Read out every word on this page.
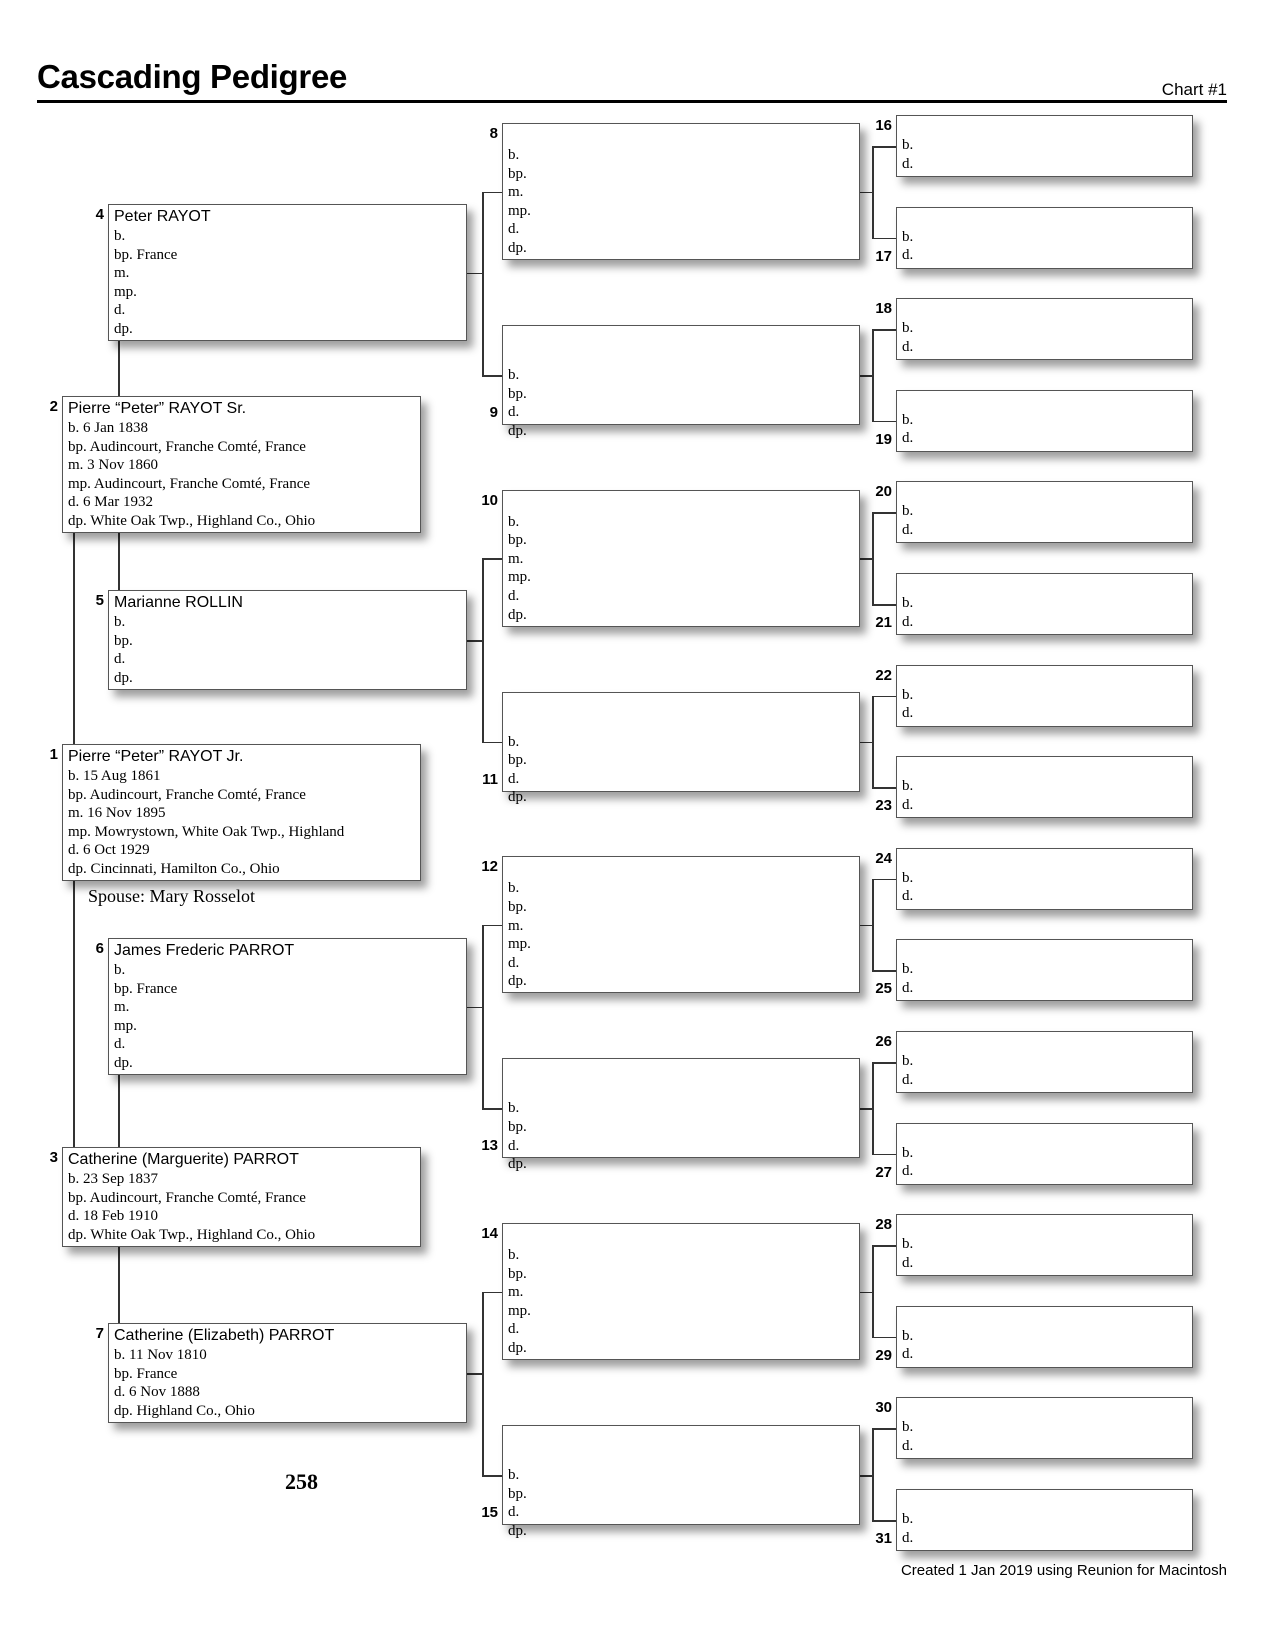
Cascading Pedigree	Chart #1
Peter RAYOT
b.
bp. France
m.
mp.
d.
dp.
4
Pierre “Peter” RAYOT Sr.
b. 6 Jan 1838
bp. Audincourt, Franche Comté, France
m. 3 Nov 1860
mp. Audincourt, Franche Comté, France
d. 6 Mar 1932
dp. White Oak Twp., Highland Co., Ohio
2
Marianne ROLLIN
b.
bp.
d.
dp.
5
Pierre “Peter” RAYOT Jr.
b. 15 Aug 1861
bp. Audincourt, Franche Comté, France
m. 16 Nov 1895
mp. Mowrystown, White Oak Twp., Highland
d. 6 Oct 1929
dp. Cincinnati, Hamilton Co., Ohio
1
James Frederic PARROT
b.
bp. France
m.
mp.
d.
dp.
6
Catherine (Marguerite) PARROT
b. 23 Sep 1837
bp. Audincourt, Franche Comté, France
d. 18 Feb 1910
dp. White Oak Twp., Highland Co., Ohio
3
Catherine (Elizabeth) PARROT
b. 11 Nov 1810
bp. France
d. 6 Nov 1888
dp. Highland Co., Ohio
7
b.
bp.
m.
mp.
d.
dp.
8
b.
bp.
d.
dp.
9
b.
bp.
m.
mp.
d.
dp.
10
b.
bp.
d.
dp.
11
b.
bp.
m.
mp.
d.
dp.
12
b.
bp.
d.
dp.
13
b.
bp.
m.
mp.
d.
dp.
14
b.
bp.
d.
dp.
15
b.
d.
16
b.
d.
17
b.
d.
18
b.
d.
19
b.
d.
20
b.
d.
21
b.
d.
22
b.
d.
23
b.
d.
24
b.
d.
25
b.
d.
26
b.
d.
27
b.
d.
28
b.
d.
29
b.
d.
30
b.
d.
31
Spouse: Mary Rosselot
258
Created 1 Jan 2019 using Reunion for Macintosh
